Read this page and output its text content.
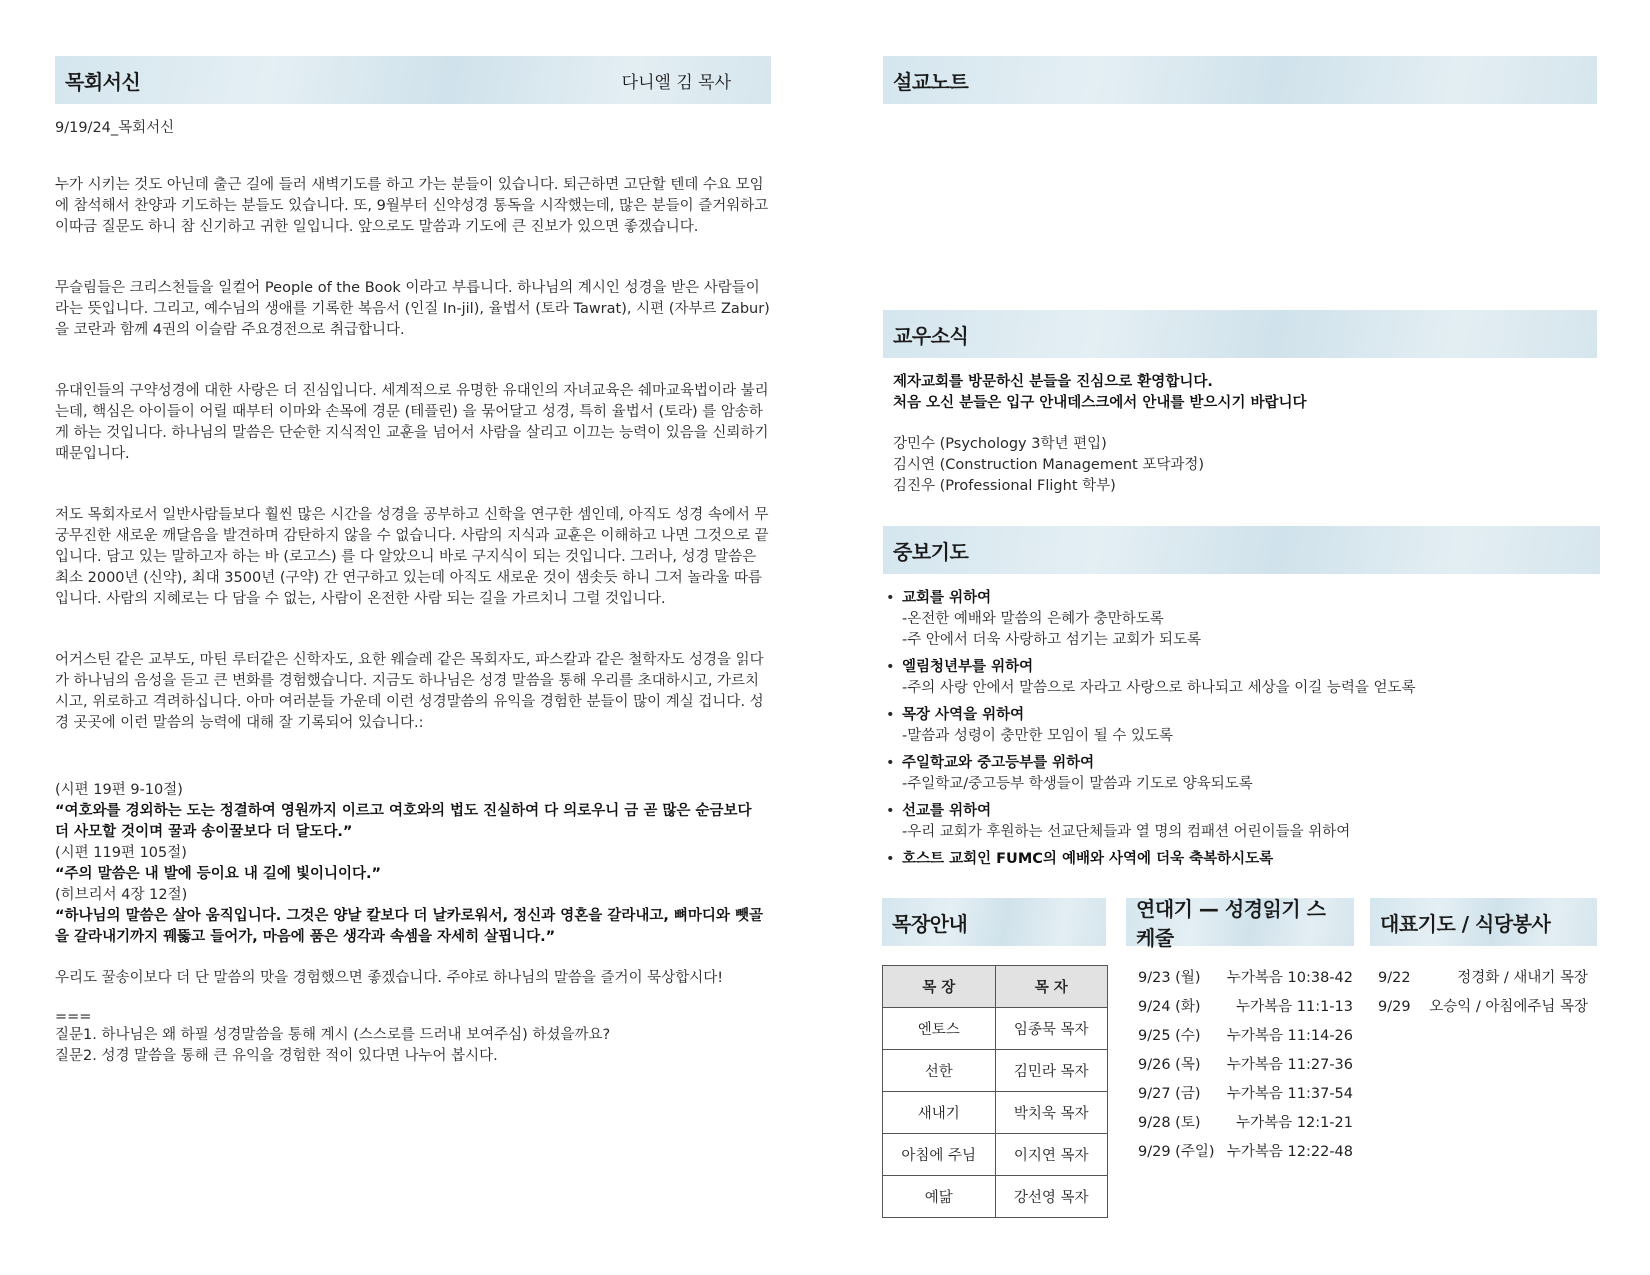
목회서신	다니엘 김 목사	설교노트
교우소식
중보기도
목장안내
연대기 — 성경읽기 스케줄
대표기도 / 식당봉사

9/19/24_목회서신

누가 시키는 것도 아닌데 출근 길에 들러 새벽기도를 하고 가는 분들이 있습니다. 퇴근하면 고단할 텐데 수요 모임에 참석해서 찬양과 기도하는 분들도 있습니다. 또, 9월부터 신약성경 통독을 시작했는데, 많은 분들이 즐거워하고 이따금 질문도 하니 참 신기하고 귀한 일입니다. 앞으로도 말씀과 기도에 큰 진보가 있으면 좋겠습니다.

무슬림들은 크리스천들을 일컬어 People of the Book 이라고 부릅니다. 하나님의 계시인 성경을 받은 사람들이라는 뜻입니다. 그리고, 예수님의 생애를 기록한 복음서 (인질 In-jil), 율법서 (토라 Tawrat), 시편 (자부르 Zabur) 을 코란과 함께 4권의 이슬람 주요경전으로 취급합니다.

유대인들의 구약성경에 대한 사랑은 더 진심입니다. 세계적으로 유명한 유대인의 자녀교육은 쉐마교육법이라 불리는데, 핵심은 아이들이 어릴 때부터 이마와 손목에 경문 (테플린) 을 묶어달고 성경, 특히 율법서 (토라) 를 암송하게 하는 것입니다. 하나님의 말씀은 단순한 지식적인 교훈을 넘어서 사람을 살리고 이끄는 능력이 있음을 신뢰하기 때문입니다.

저도 목회자로서 일반사람들보다 훨씬 많은 시간을 성경을 공부하고 신학을 연구한 셈인데, 아직도 성경 속에서 무궁무진한 새로운 깨달음을 발견하며 감탄하지 않을 수 없습니다. 사람의 지식과 교훈은 이해하고 나면 그것으로 끝입니다. 담고 있는 말하고자 하는 바 (로고스) 를 다 알았으니 바로 구지식이 되는 것입니다. 그러나, 성경 말씀은 최소 2000년 (신약), 최대 3500년 (구약) 간 연구하고 있는데 아직도 새로운 것이 샘솟듯 하니 그저 놀라울 따름입니다. 사람의 지혜로는 다 담을 수 없는, 사람이 온전한 사람 되는 길을 가르치니 그럴 것입니다.

어거스틴 같은 교부도, 마틴 루터같은 신학자도, 요한 웨슬레 같은 목회자도, 파스칼과 같은 철학자도 성경을 읽다가 하나님의 음성을 듣고 큰 변화를 경험했습니다. 지금도 하나님은 성경 말씀을 통해 우리를 초대하시고, 가르치시고, 위로하고 격려하십니다. 아마 여러분들 가운데 이런 성경말씀의 유익을 경험한 분들이 많이 계실 겁니다. 성경 곳곳에 이런 말씀의 능력에 대해 잘 기록되어 있습니다.:

(시편 19편 9-10절)

“여호와를 경외하는 도는 정결하여 영원까지 이르고 여호와의 법도 진실하여 다 의로우니 금 곧 많은 순금보다 더 사모할 것이며 꿀과 송이꿀보다 더 달도다.”

(시편 119편 105절)

“주의 말씀은 내 발에 등이요 내 길에 빛이니이다.”

(히브리서 4장 12절)

“하나님의 말씀은 살아 움직입니다. 그것은 양날 칼보다 더 날카로워서, 정신과 영혼을 갈라내고, 뼈마디와 뺏골을 갈라내기까지 꿰뚫고 들어가, 마음에 품은 생각과 속셈을 자세히 살핍니다.”

우리도 꿀송이보다 더 단 말씀의 맛을 경험했으면 좋겠습니다. 주야로 하나님의 말씀을 즐거이 묵상합시다!

===

질문1. 하나님은 왜 하필 성경말씀을 통해 계시 (스스로를 드러내 보여주심) 하셨을까요?

질문2. 성경 말씀을 통해 큰 유익을 경험한 적이 있다면 나누어 봅시다.

제자교회를 방문하신 분들을 진심으로 환영합니다.
처음 오신 분들은 입구 안내데스크에서 안내를 받으시기 바랍니다
강민수 (Psychology 3학년 편입)
김시연 (Construction Management 포닥과정)
김진우 (Professional Flight 학부)
• 교회를 위하여
-온전한 예배와 말씀의 은혜가 충만하도록
-주 안에서 더욱 사랑하고 섬기는 교회가 되도록
• 엘림청년부를 위하여
-주의 사랑 안에서 말씀으로 자라고 사랑으로 하나되고 세상을 이길 능력을 얻도록
• 목장 사역을 위하여
-말씀과 성령이 충만한 모임이 될 수 있도록
• 주일학교와 중고등부를 위하여
-주일학교/중고등부 학생들이 말씀과 기도로 양육되도록
• 선교를 위하여
-우리 교회가 후원하는 선교단체들과 열 명의 컴패션 어린이들을 위하여
• 호스트 교회인 FUMC의 예배와 사역에 더욱 축복하시도록
목 장	목 자
엔토스	임종묵 목자
선한	김민라 목자
새내기	박치욱 목자
아침에 주님	이지연 목자
예닮	강선영 목자
9/23 (월) 누가복음 10:38-42
9/24 (화) 누가복음 11:1-13
9/25 (수) 누가복음 11:14-26
9/26 (목) 누가복음 11:27-36
9/27 (금) 누가복음 11:37-54
9/28 (토) 누가복음 12:1-21
9/29 (주일) 누가복음 12:22-48
9/22	정경화 / 새내기 목장
9/29 오승익 / 아침에주님 목장
